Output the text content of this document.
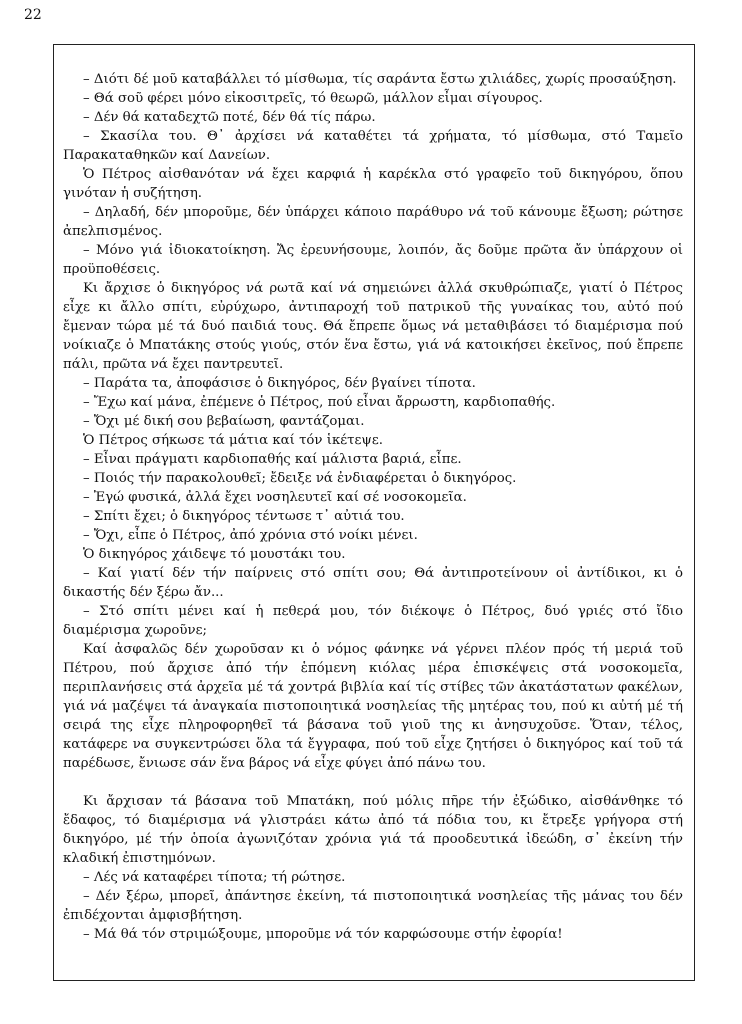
22

– Διότι δέ μοῦ καταβάλλει τό μίσθωμα, τίς σαράντα ἔστω χιλιάδες, χωρίς προσαύξηση.

– Θά σοῦ φέρει μόνο εἰκοσιτρεῖς, τό θεωρῶ, μάλλον εἶμαι σίγουρος.

– Δέν θά καταδεχτῶ ποτέ, δέν θά τίς πάρω.

– Σκασίλα του. Θ᾽ ἀρχίσει νά καταθέτει τά χρήματα, τό μίσθωμα, στό Ταμεῖο Παρακαταθηκῶν καί Δανείων.

Ὁ Πέτρος αἰσθανόταν νά ἔχει καρφιά ἡ καρέκλα στό γραφεῖο τοῦ δικηγόρου, ὅπου γινόταν ἡ συζήτηση.

– Δηλαδή, δέν μποροῦμε, δέν ὑπάρχει κάποιο παράθυρο νά τοῦ κάνουμε ἔξωση; ρώτησε ἀπελπισμένος.

– Μόνο γιά ἰδιοκατοίκηση. Ἄς ἐρευνήσουμε, λοιπόν, ἄς δοῦμε πρῶτα ἄν ὑπάρχουν οἱ προϋποθέσεις.

Κι ἄρχισε ὁ δικηγόρος νά ρωτᾶ καί νά σημειώνει ἀλλά σκυθρώπιαζε, γιατί ὁ Πέτρος εἶχε κι ἄλλο σπίτι, εὐρύχωρο, ἀντιπαροχή τοῦ πατρικοῦ τῆς γυναίκας του, αὐτό πού ἔμεναν τώρα μέ τά δυό παιδιά τους. Θά ἔπρεπε ὅμως νά μεταθιβάσει τό διαμέρισμα πού νοίκιαζε ὁ Μπατάκης στούς γιούς, στόν ἕνα ἔστω, γιά νά κατοικήσει ἐκεῖνος, πού ἔπρεπε πάλι, πρῶτα νά ἔχει παντρευτεῖ.

– Παράτα τα, ἀποφάσισε ὁ δικηγόρος, δέν βγαίνει τίποτα.

– Ἔχω καί μάνα, ἐπέμενε ὁ Πέτρος, πού εἶναι ἄρρωστη, καρδιοπαθής.

– Ὄχι μέ δική σου βεβαίωση, φαντάζομαι.

Ὁ Πέτρος σήκωσε τά μάτια καί τόν ἱκέτεψε.

– Εἶναι πράγματι καρδιοπαθής καί μάλιστα βαριά, εἶπε.

– Ποιός τήν παρακολουθεῖ; ἔδειξε νά ἐνδιαφέρεται ὁ δικηγόρος.

– Ἐγώ φυσικά, ἀλλά ἔχει νοσηλευτεῖ καί σέ νοσοκομεῖα.

– Σπίτι ἔχει; ὁ δικηγόρος τέντωσε τ᾽ αὐτιά του.

– Ὄχι, εἶπε ὁ Πέτρος, ἀπό χρόνια στό νοίκι μένει.

Ὁ δικηγόρος χάιδεψε τό μουστάκι του.

– Καί γιατί δέν τήν παίρνεις στό σπίτι σου; Θά ἀντιπροτείνουν οἱ ἀντίδικοι, κι ὁ δικαστής δέν ξέρω ἄν...

– Στό σπίτι μένει καί ἡ πεθερά μου, τόν διέκοψε ὁ Πέτρος, δυό γριές στό ἴδιο διαμέρισμα χωροῦνε;

Καί ἀσφαλῶς δέν χωροῦσαν κι ὁ νόμος φάνηκε νά γέρνει πλέον πρός τή μεριά τοῦ Πέτρου, πού ἄρχισε ἀπό τήν ἑπόμενη κιόλας μέρα ἐπισκέψεις στά νοσοκομεῖα, περιπλανήσεις στά ἀρχεῖα μέ τά χοντρά βιβλία καί τίς στίβες τῶν ἀκατάστατων φακέλων, γιά νά μαζέψει τά ἀναγκαία πιστοποιητικά νοσηλείας τῆς μητέρας του, πού κι αὐτή μέ τή σειρά της εἶχε πληροφορηθεῖ τά βάσανα τοῦ γιοῦ της κι ἀνησυχοῦσε. Ὅταν, τέλος, κατάφερε να συγκεντρώσει ὅλα τά ἔγγραφα, πού τοῦ εἶχε ζητήσει ὁ δικηγόρος καί τοῦ τά παρέδωσε, ἔνιωσε σάν ἕνα βάρος νά εἶχε φύγει ἀπό πάνω του.

Κι ἄρχισαν τά βάσανα τοῦ Μπατάκη, πού μόλις πῆρε τήν ἐξώδικο, αἰσθάνθηκε τό ἔδαφος, τό διαμέρισμα νά γλιστράει κάτω ἀπό τά πόδια του, κι ἔτρεξε γρήγορα στή δικηγόρο, μέ τήν ὁποία ἀγωνιζόταν χρόνια γιά τά προοδευτικά ἰδεώδη, σ᾽ ἐκείνη τήν κλαδική ἐπιστημόνων.

– Λές νά καταφέρει τίποτα; τή ρώτησε.

– Δέν ξέρω, μπορεῖ, ἀπάντησε ἐκείνη, τά πιστοποιητικά νοσηλείας τῆς μάνας του δέν ἐπιδέχονται ἀμφισβήτηση.

– Μά θά τόν στριμώξουμε, μποροῦμε νά τόν καρφώσουμε στήν ἐφορία!
